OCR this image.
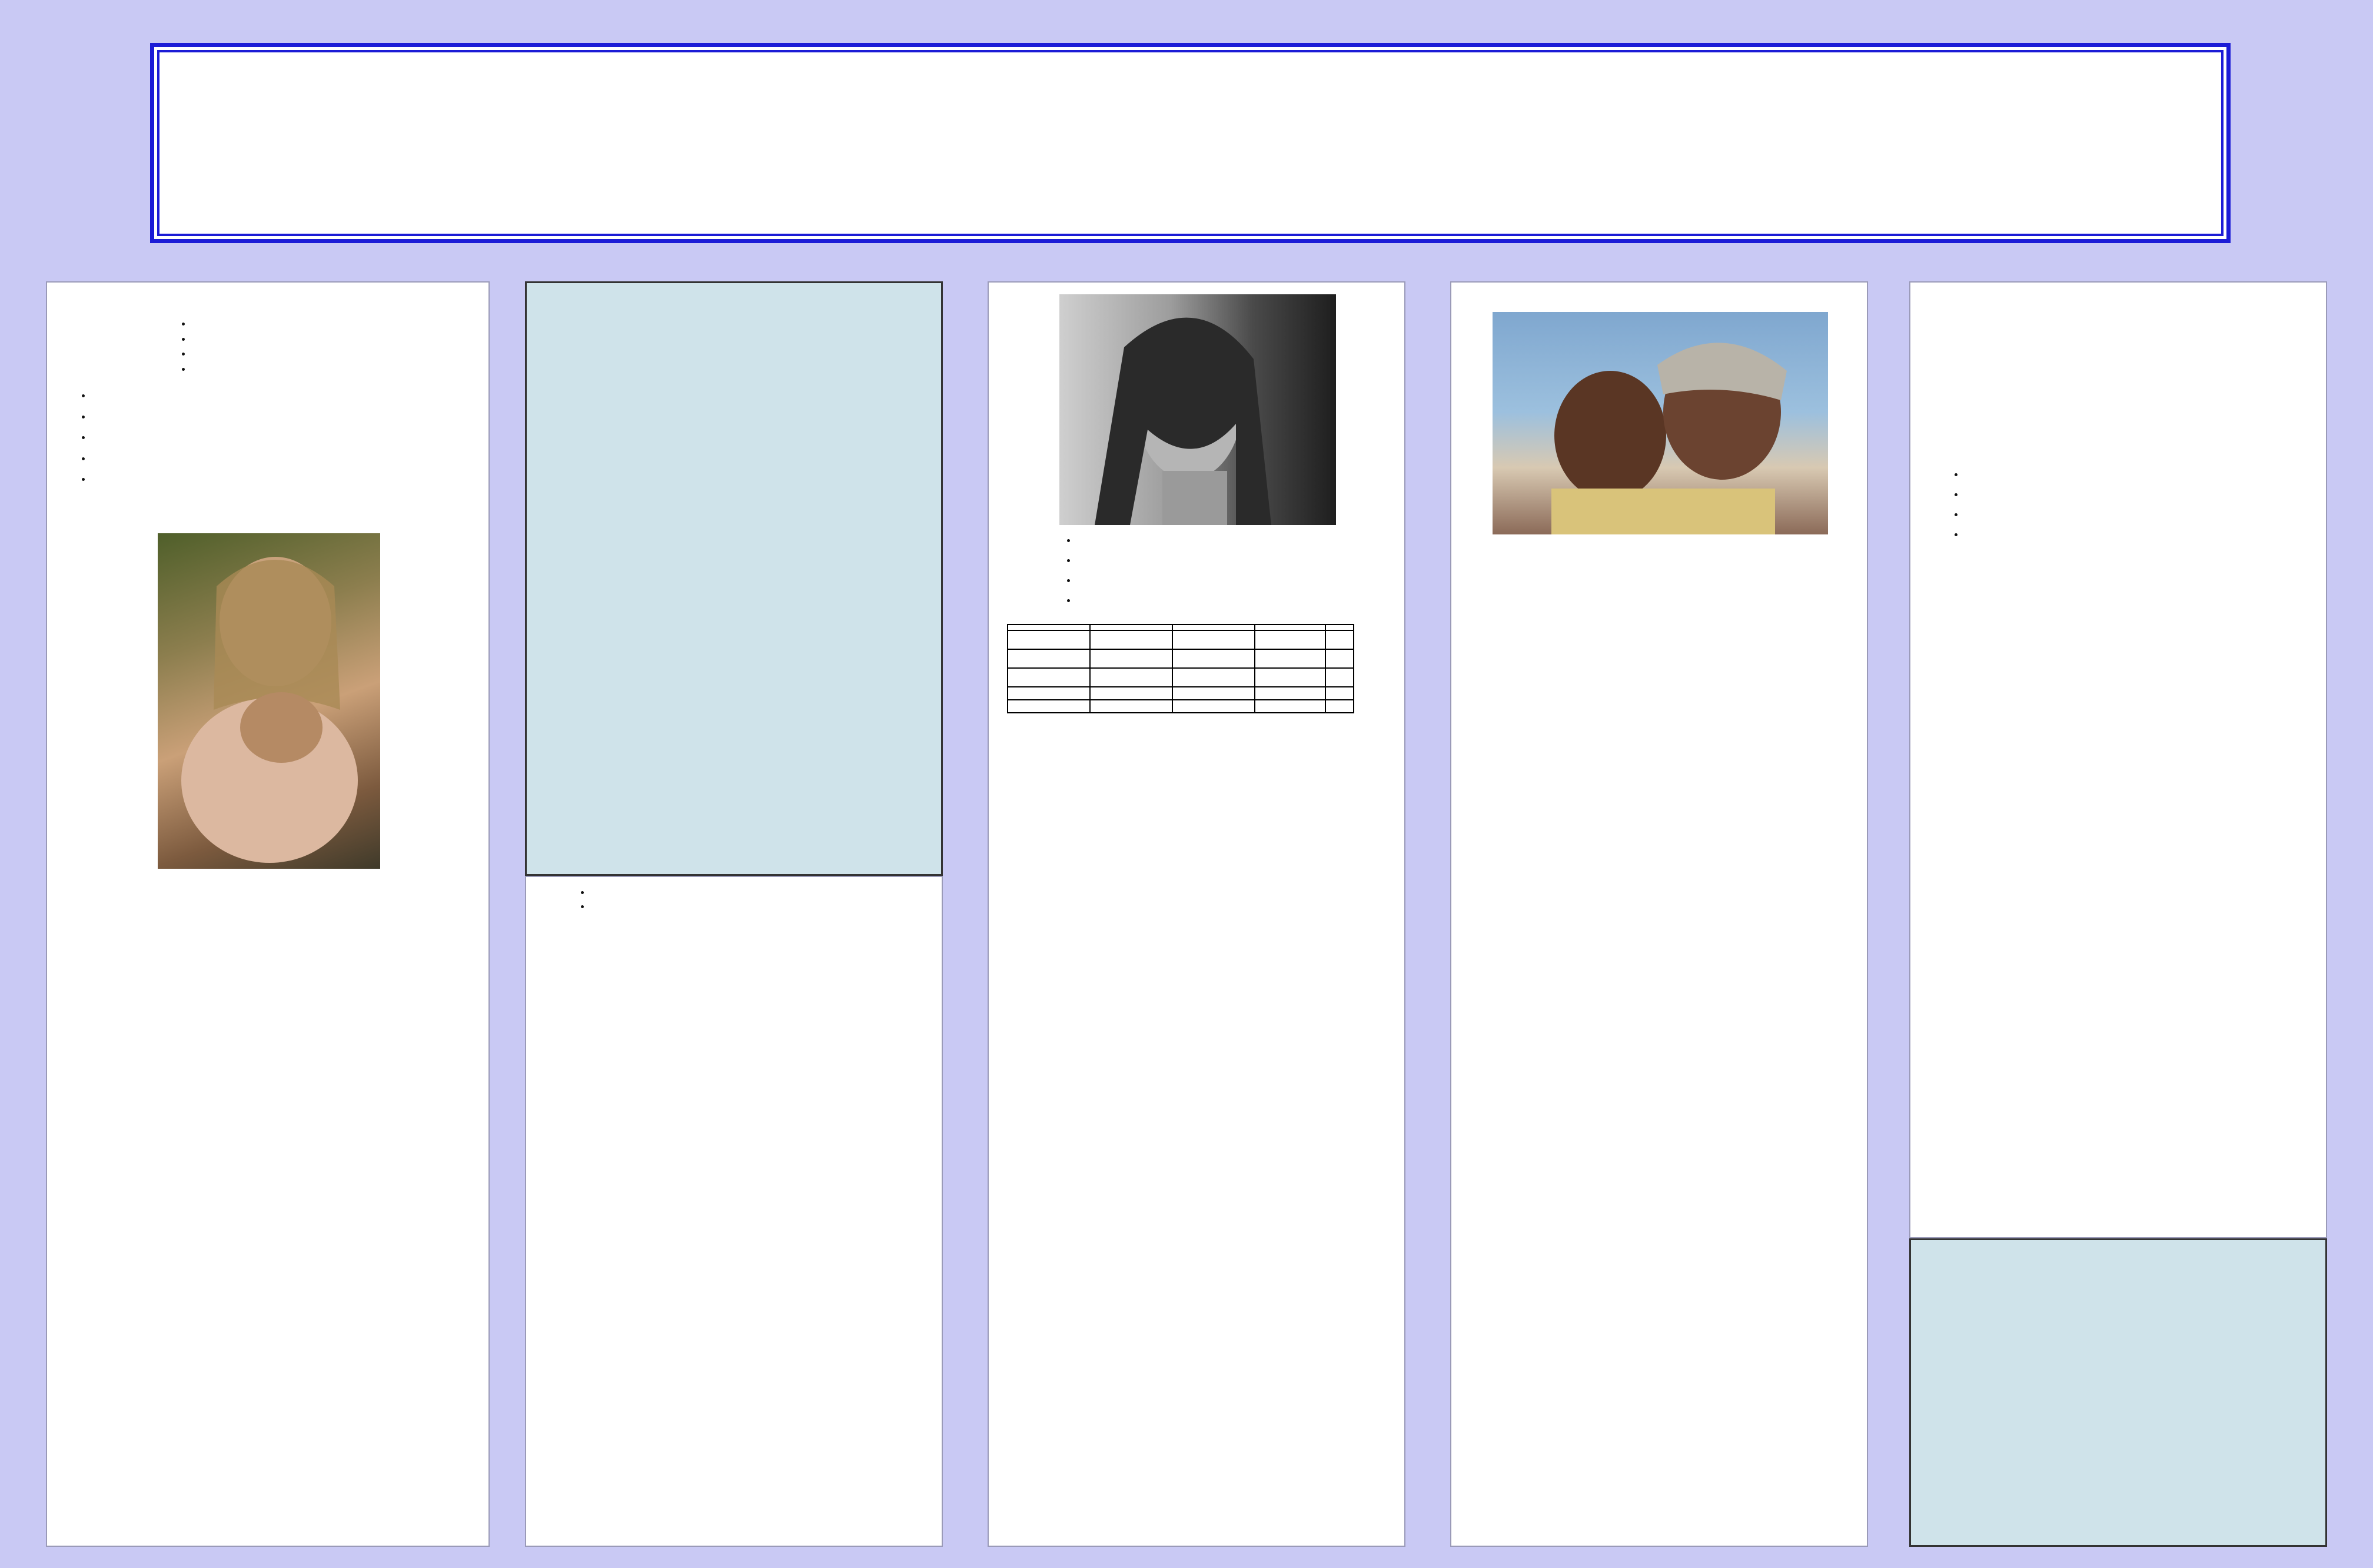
•
•
•
•

•
•
•
•
•

•
•

•
•
•
•

•
•
•
•
